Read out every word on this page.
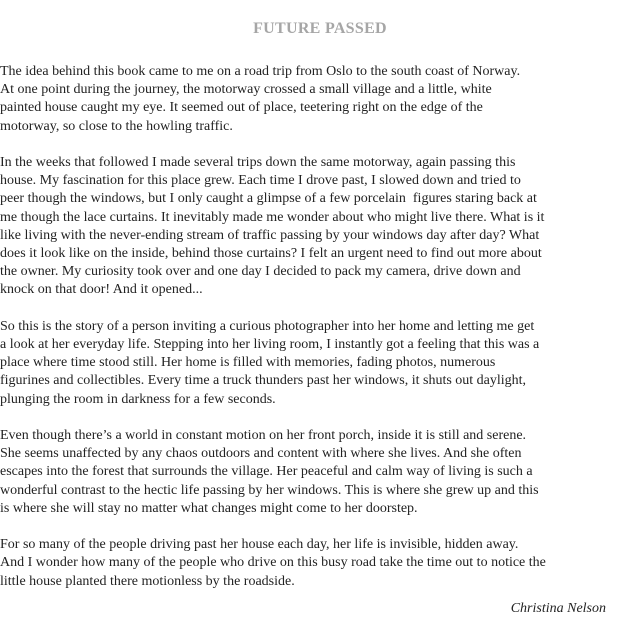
FUTURE PASSED

The idea behind this book came to me on a road trip from Oslo to the south coast of Norway.
At one point during the journey, the motorway crossed a small village and a little, white
painted house caught my eye. It seemed out of place, teetering right on the edge of the
motorway, so close to the howling traffic.

In the weeks that followed I made several trips down the same motorway, again passing this
house. My fascination for this place grew. Each time I drove past, I slowed down and tried to
peer though the windows, but I only caught a glimpse of a few porcelain  figures staring back at
me though the lace curtains. It inevitably made me wonder about who might live there. What is it
like living with the never-ending stream of traffic passing by your windows day after day? What
does it look like on the inside, behind those curtains? I felt an urgent need to find out more about
the owner. My curiosity took over and one day I decided to pack my camera, drive down and
knock on that door! And it opened...

So this is the story of a person inviting a curious photographer into her home and letting me get
a look at her everyday life. Stepping into her living room, I instantly got a feeling that this was a
place where time stood still. Her home is filled with memories, fading photos, numerous
figurines and collectibles. Every time a truck thunders past her windows, it shuts out daylight,
plunging the room in darkness for a few seconds.

Even though there’s a world in constant motion on her front porch, inside it is still and serene.
She seems unaffected by any chaos outdoors and content with where she lives. And she often
escapes into the forest that surrounds the village. Her peaceful and calm way of living is such a
wonderful contrast to the hectic life passing by her windows. This is where she grew up and this
is where she will stay no matter what changes might come to her doorstep.

For so many of the people driving past her house each day, her life is invisible, hidden away.
And I wonder how many of the people who drive on this busy road take the time out to notice the
little house planted there motionless by the roadside.

Christina Nelson
